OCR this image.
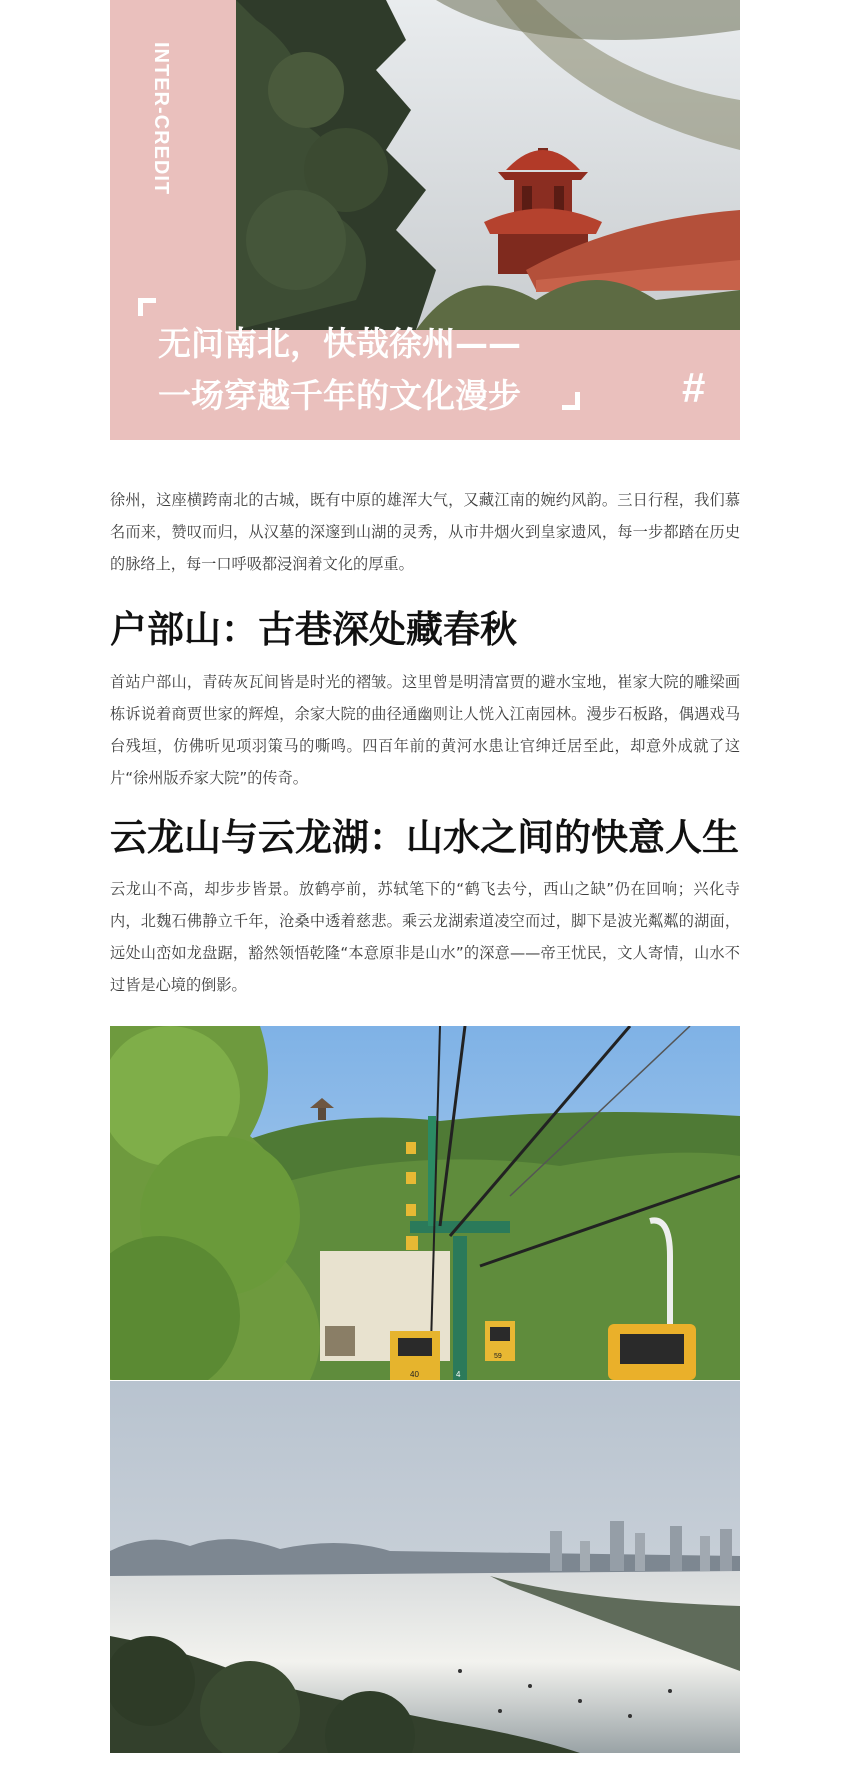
INTER-CREDIT
无问南北，快哉徐州——
一场穿越千年的文化漫步	#

徐州，这座横跨南北的古城，既有中原的雄浑大气，又藏江南的婉约风韵。三日行程，我们慕名而来，赞叹而归，从汉墓的深邃到山湖的灵秀，从市井烟火到皇家遗风，每一步都踏在历史的脉络上，每一口呼吸都浸润着文化的厚重。

户部山：古巷深处藏春秋

首站户部山，青砖灰瓦间皆是时光的褶皱。这里曾是明清富贾的避水宝地，崔家大院的雕梁画栋诉说着商贾世家的辉煌，余家大院的曲径通幽则让人恍入江南园林。漫步石板路，偶遇戏马台残垣，仿佛听见项羽策马的嘶鸣。四百年前的黄河水患让官绅迁居至此，却意外成就了这片“徐州版乔家大院”的传奇。

云龙山与云龙湖：山水之间的快意人生

云龙山不高，却步步皆景。放鹤亭前，苏轼笔下的“鹤飞去兮，西山之缺”仍在回响；兴化寺内，北魏石佛静立千年，沧桑中透着慈悲。乘云龙湖索道凌空而过，脚下是波光粼粼的湖面，远处山峦如龙盘踞，豁然领悟乾隆“本意原非是山水”的深意——帝王忧民，文人寄情，山水不过皆是心境的倒影。

40	4
59
